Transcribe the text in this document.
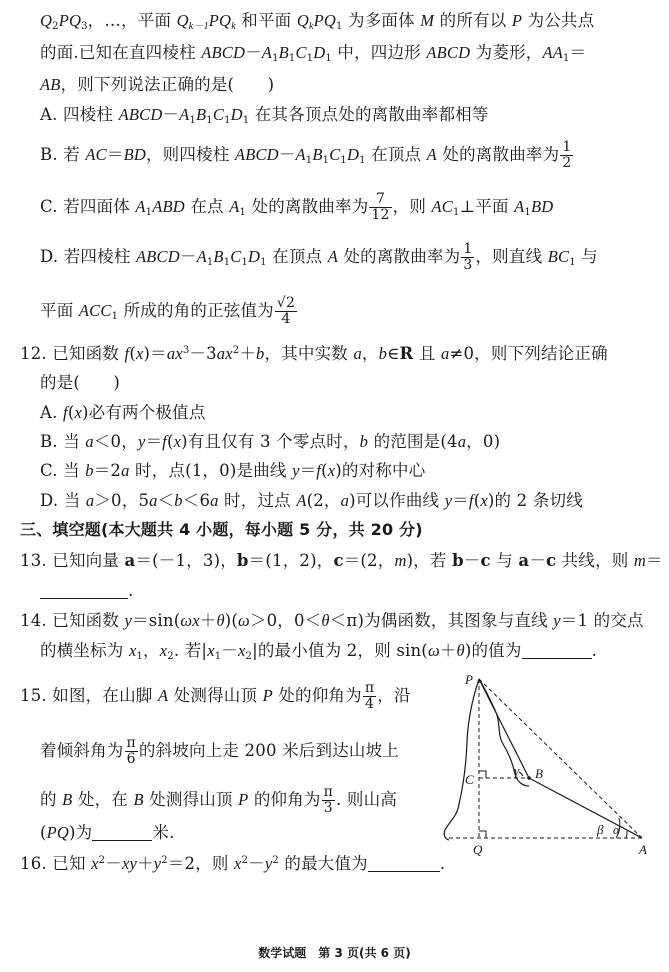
$Q_2PQ_3$，…，平面 $Q_{k-1}PQ_k$ 和平面 $Q_kPQ_1$ 为多面体 M 的所有以 P 为公共点
的面.已知在直四棱柱 $ABCD-A_1B_1C_1D_1$ 中，四边形 ABCD 为菱形，$AA_1=$
AB，则下列说法正确的是(　　)
A. 四棱柱 $ABCD-A_1B_1C_1D_1$ 在其各顶点处的离散曲率都相等
B. 若 AC＝BD，则四棱柱 $ABCD-A_1B_1C_1D_1$ 在顶点 A 处的离散曲率为 $\frac{1}{2}$
C. 若四面体 $A_1ABD$ 在点 $A_1$ 处的离散曲率为 $\frac{7}{12}$ ，则 $AC_1\perp$平面 $A_1BD$
D. 若四棱柱 $ABCD-A_1B_1C_1D_1$ 在顶点 A 处的离散曲率为 $\frac{1}{3}$ ，则直线 $BC_1$ 与
平面 $ACC_1$ 所成的角的正弦值为 $\frac{√2}{4}$
12. 已知函数 $f(x)=ax^3-3ax^2+b$，其中实数 a，b∈R 且 a≠0，则下列结论正确
的是(　　)
A. f(x)必有两个极值点
B. 当 a＜0，y＝f(x)有且仅有 3 个零点时，b 的范围是(4a，0)
C. 当 b＝2a 时，点(1，0)是曲线 y＝f(x)的对称中心
D. 当 a＞0，5a＜b＜6a 时，过点 A(2，a)可以作曲线 y＝f(x)的 2 条切线
三、填空题(本大题共 4 小题，每小题 5 分，共 20 分)
13. 已知向量 a＝(－1，3)，b＝(1，2)，c＝(2，m)，若 b－c 与 a－c 共线，则 m＝
.
14. 已知函数 y＝sin(ωx＋θ)(ω＞0，0＜θ＜π)为偶函数，其图象与直线 y＝1 的交点
的横坐标为 $x_1$，$x_2$. 若$|x_1-x_2|$的最小值为 2，则 sin(ω＋θ)的值为	.
15. 如图，在山脚 A 处测得山顶 P 处的仰角为 $\frac{\pi}{4}$ ，沿
着倾斜角为 $\frac{\pi}{6}$ 的斜坡向上走 200 米后到达山坡上
的 B 处，在 B 处测得山顶 P 的仰角为 $\frac{\pi}{3}$ . 则山高
(PQ)为	米.
16. 已知 $x^2-xy+y^2=2$，则 $x^2-y^2$ 的最大值为	.
P
C	B
Q	A
γ
β α
数学试题　第 3 页(共 6 页)
